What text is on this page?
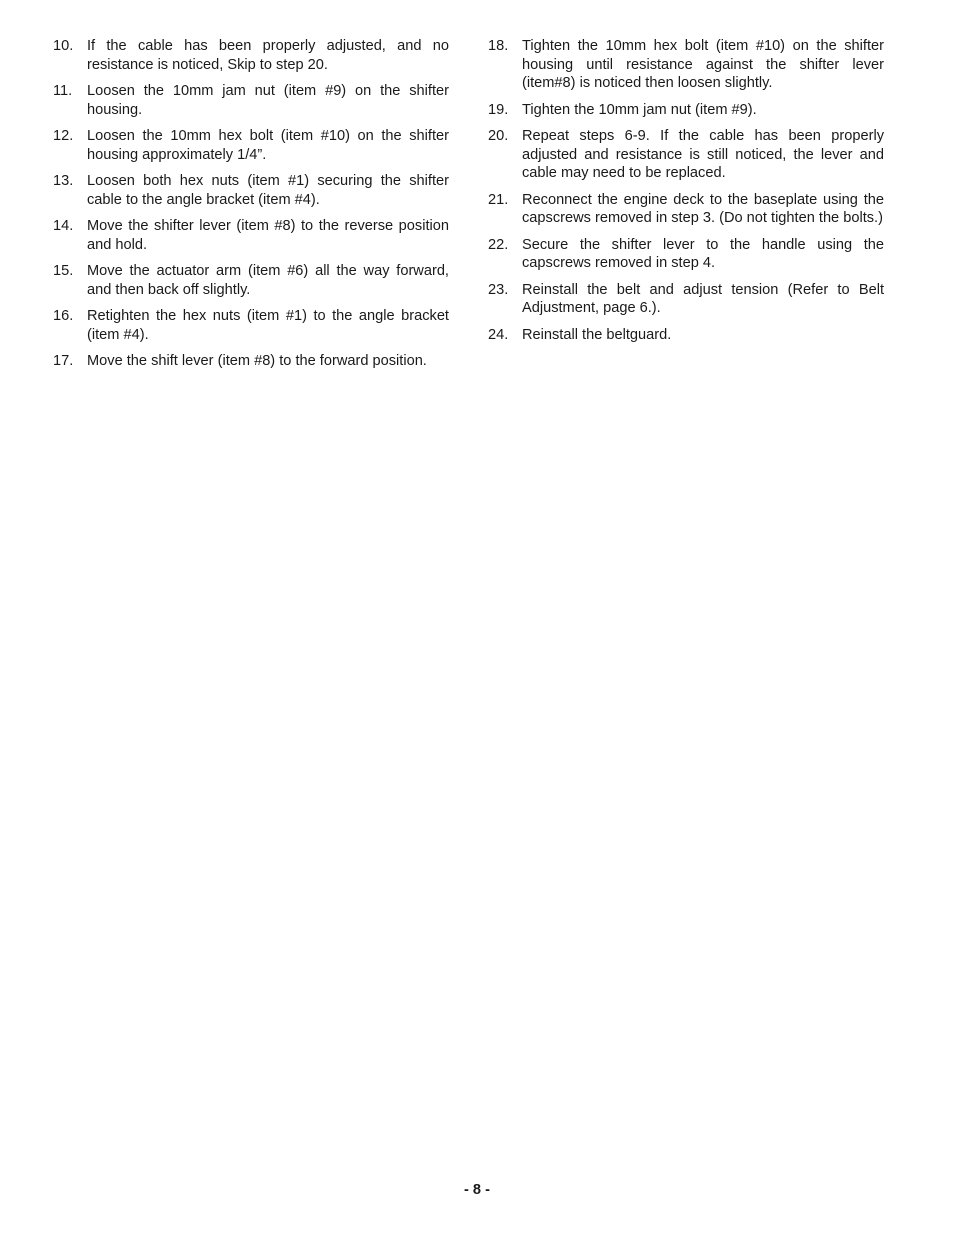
10. If the cable has been properly adjusted, and no resistance is noticed, Skip to step 20.
11.	Loosen the 10mm jam nut (item #9) on the shifter housing.
12. Loosen the 10mm hex bolt (item #10) on the shifter housing approximately 1/4”.
13. Loosen both hex nuts (item #1) securing the shifter cable to the angle bracket (item #4).
14. Move the shifter lever (item #8) to the reverse position and hold.
15. Move the actuator arm (item #6) all the way forward, and then back off slightly.
16. Retighten the hex nuts (item #1) to the angle bracket (item #4).
17. Move the shift lever (item #8) to the forward position.
18. Tighten the 10mm hex bolt (item #10) on the shifter housing until resistance against the shifter lever (item#8) is noticed then loosen slightly.
19. Tighten the 10mm jam nut (item #9).
20. Repeat steps 6-9. If the cable has been properly adjusted and resistance is still noticed, the lever and cable may need to be replaced.
21. Reconnect the engine deck to the baseplate using the capscrews removed in step 3. (Do not tighten the bolts.)
22. Secure the shifter lever to the handle using the capscrews removed in step 4.
23. Reinstall the belt and adjust tension (Refer to Belt Adjustment, page 6.).
24. Reinstall the beltguard.
- 8 -
